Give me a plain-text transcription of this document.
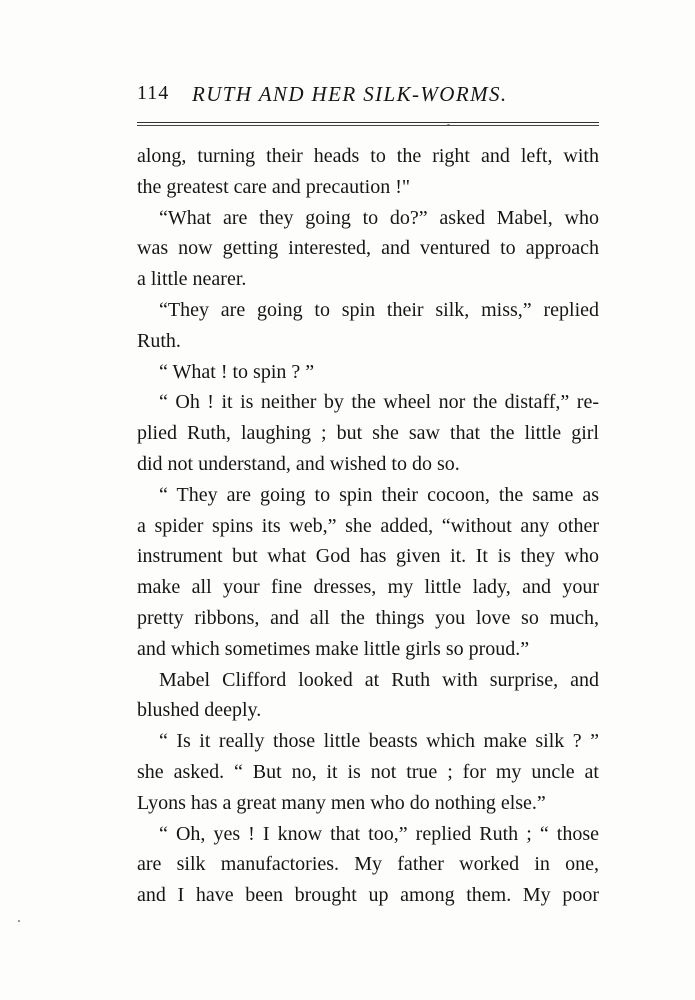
114 RUTH AND HER SILK-WORMS.
along, turning their heads to the right and left, with
the greatest care and precaution !"
“What are they going to do?” asked Mabel, who
was now getting interested, and ventured to approach
a little nearer.
“They are going to spin their silk, miss,” replied
Ruth.
“ What ! to spin ? ”
“ Oh ! it is neither by the wheel nor the distaff,” re-
plied Ruth, laughing ; but she saw that the little girl
did not understand, and wished to do so.
“ They are going to spin their cocoon, the same as
a spider spins its web,” she added, “without any other
instrument but what God has given it. It is they who
make all your fine dresses, my little lady, and your
pretty ribbons, and all the things you love so much,
and which sometimes make little girls so proud.”
Mabel Clifford looked at Ruth with surprise, and
blushed deeply.
“ Is it really those little beasts which make silk ? ”
she asked. “ But no, it is not true ; for my uncle at
Lyons has a great many men who do nothing else.”
“ Oh, yes ! I know that too,” replied Ruth ; “ those
are silk manufactories. My father worked in one,
and I have been brought up among them. My poor
